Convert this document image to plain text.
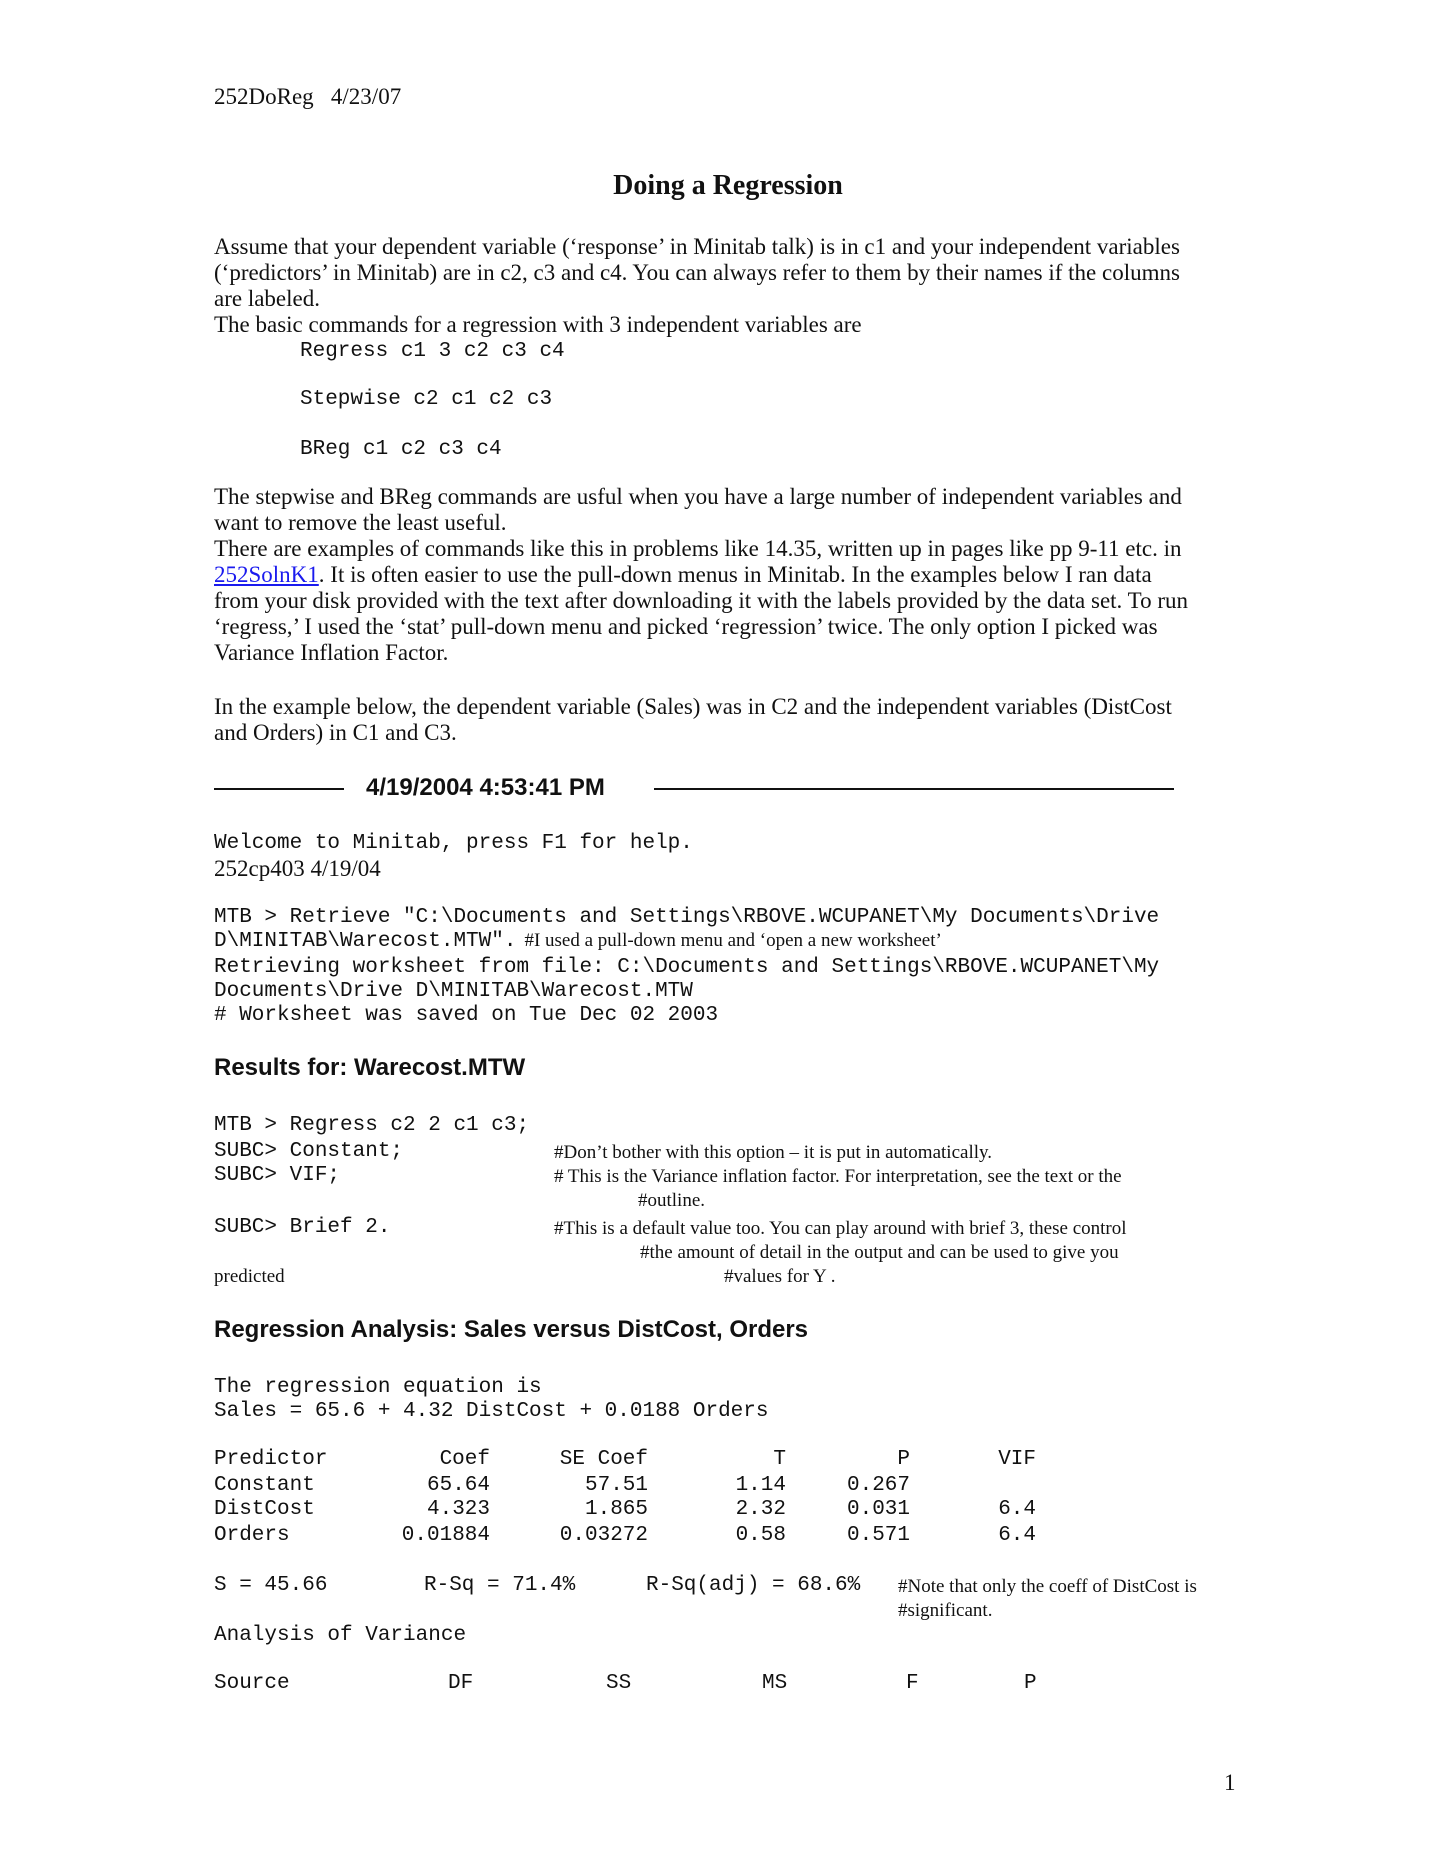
252DoReg 4/23/07
Doing a Regression
Assume that your dependent variable (‘response’ in Minitab talk) is in c1 and your independent variables
(‘predictors’ in Minitab) are in c2, c3 and c4. You can always refer to them by their names if the columns
are labeled.
The basic commands for a regression with 3 independent variables are
Regress c1 3 c2 c3 c4
Stepwise c2 c1 c2 c3
BReg c1 c2 c3 c4
The stepwise and BReg commands are usful when you have a large number of independent variables and
want to remove the least useful.
There are examples of commands like this in problems like 14.35, written up in pages like pp 9-11 etc. in
252SolnK1. It is often easier to use the pull-down menus in Minitab. In the examples below I ran data
from your disk provided with the text after downloading it with the labels provided by the data set. To run
‘regress,’ I used the ‘stat’ pull-down menu and picked ‘regression’ twice. The only option I picked was
Variance Inflation Factor.
In the example below, the dependent variable (Sales) was in C2 and the independent variables (DistCost
and Orders) in C1 and C3.
4/19/2004 4:53:41 PM
Welcome to Minitab, press F1 for help.
252cp403 4/19/04
MTB > Retrieve "C:\Documents and Settings\RBOVE.WCUPANET\My Documents\Drive
D\MINITAB\Warecost.MTW". #I used a pull-down menu and ‘open a new worksheet’
Retrieving worksheet from file: C:\Documents and Settings\RBOVE.WCUPANET\My
Documents\Drive D\MINITAB\Warecost.MTW
# Worksheet was saved on Tue Dec 02 2003
Results for: Warecost.MTW
MTB > Regress c2 2 c1 c3;
SUBC> Constant;	#Don’t bother with this option – it is put in automatically.
SUBC> VIF;	# This is the Variance inflation factor. For interpretation, see the text or the
#outline.
SUBC> Brief 2.	#This is a default value too. You can play around with brief 3, these control
#the amount of detail in the output and can be used to give you
predicted	#values for Y .
Regression Analysis: Sales versus DistCost, Orders
The regression equation is
Sales = 65.6 + 4.32 DistCost + 0.0188 Orders
Predictor	Coef	SE Coef	T	P	VIF
Constant	65.64	57.51	1.14	0.267
DistCost	4.323	1.865	2.32	0.031	6.4
Orders	0.01884	0.03272	0.58	0.571	6.4
S = 45.66	R-Sq = 71.4%	R-Sq(adj) = 68.6% #Note that only the coeff of DistCost is
#significant.
Analysis of Variance
Source	DF	SS	MS	F	P
1
